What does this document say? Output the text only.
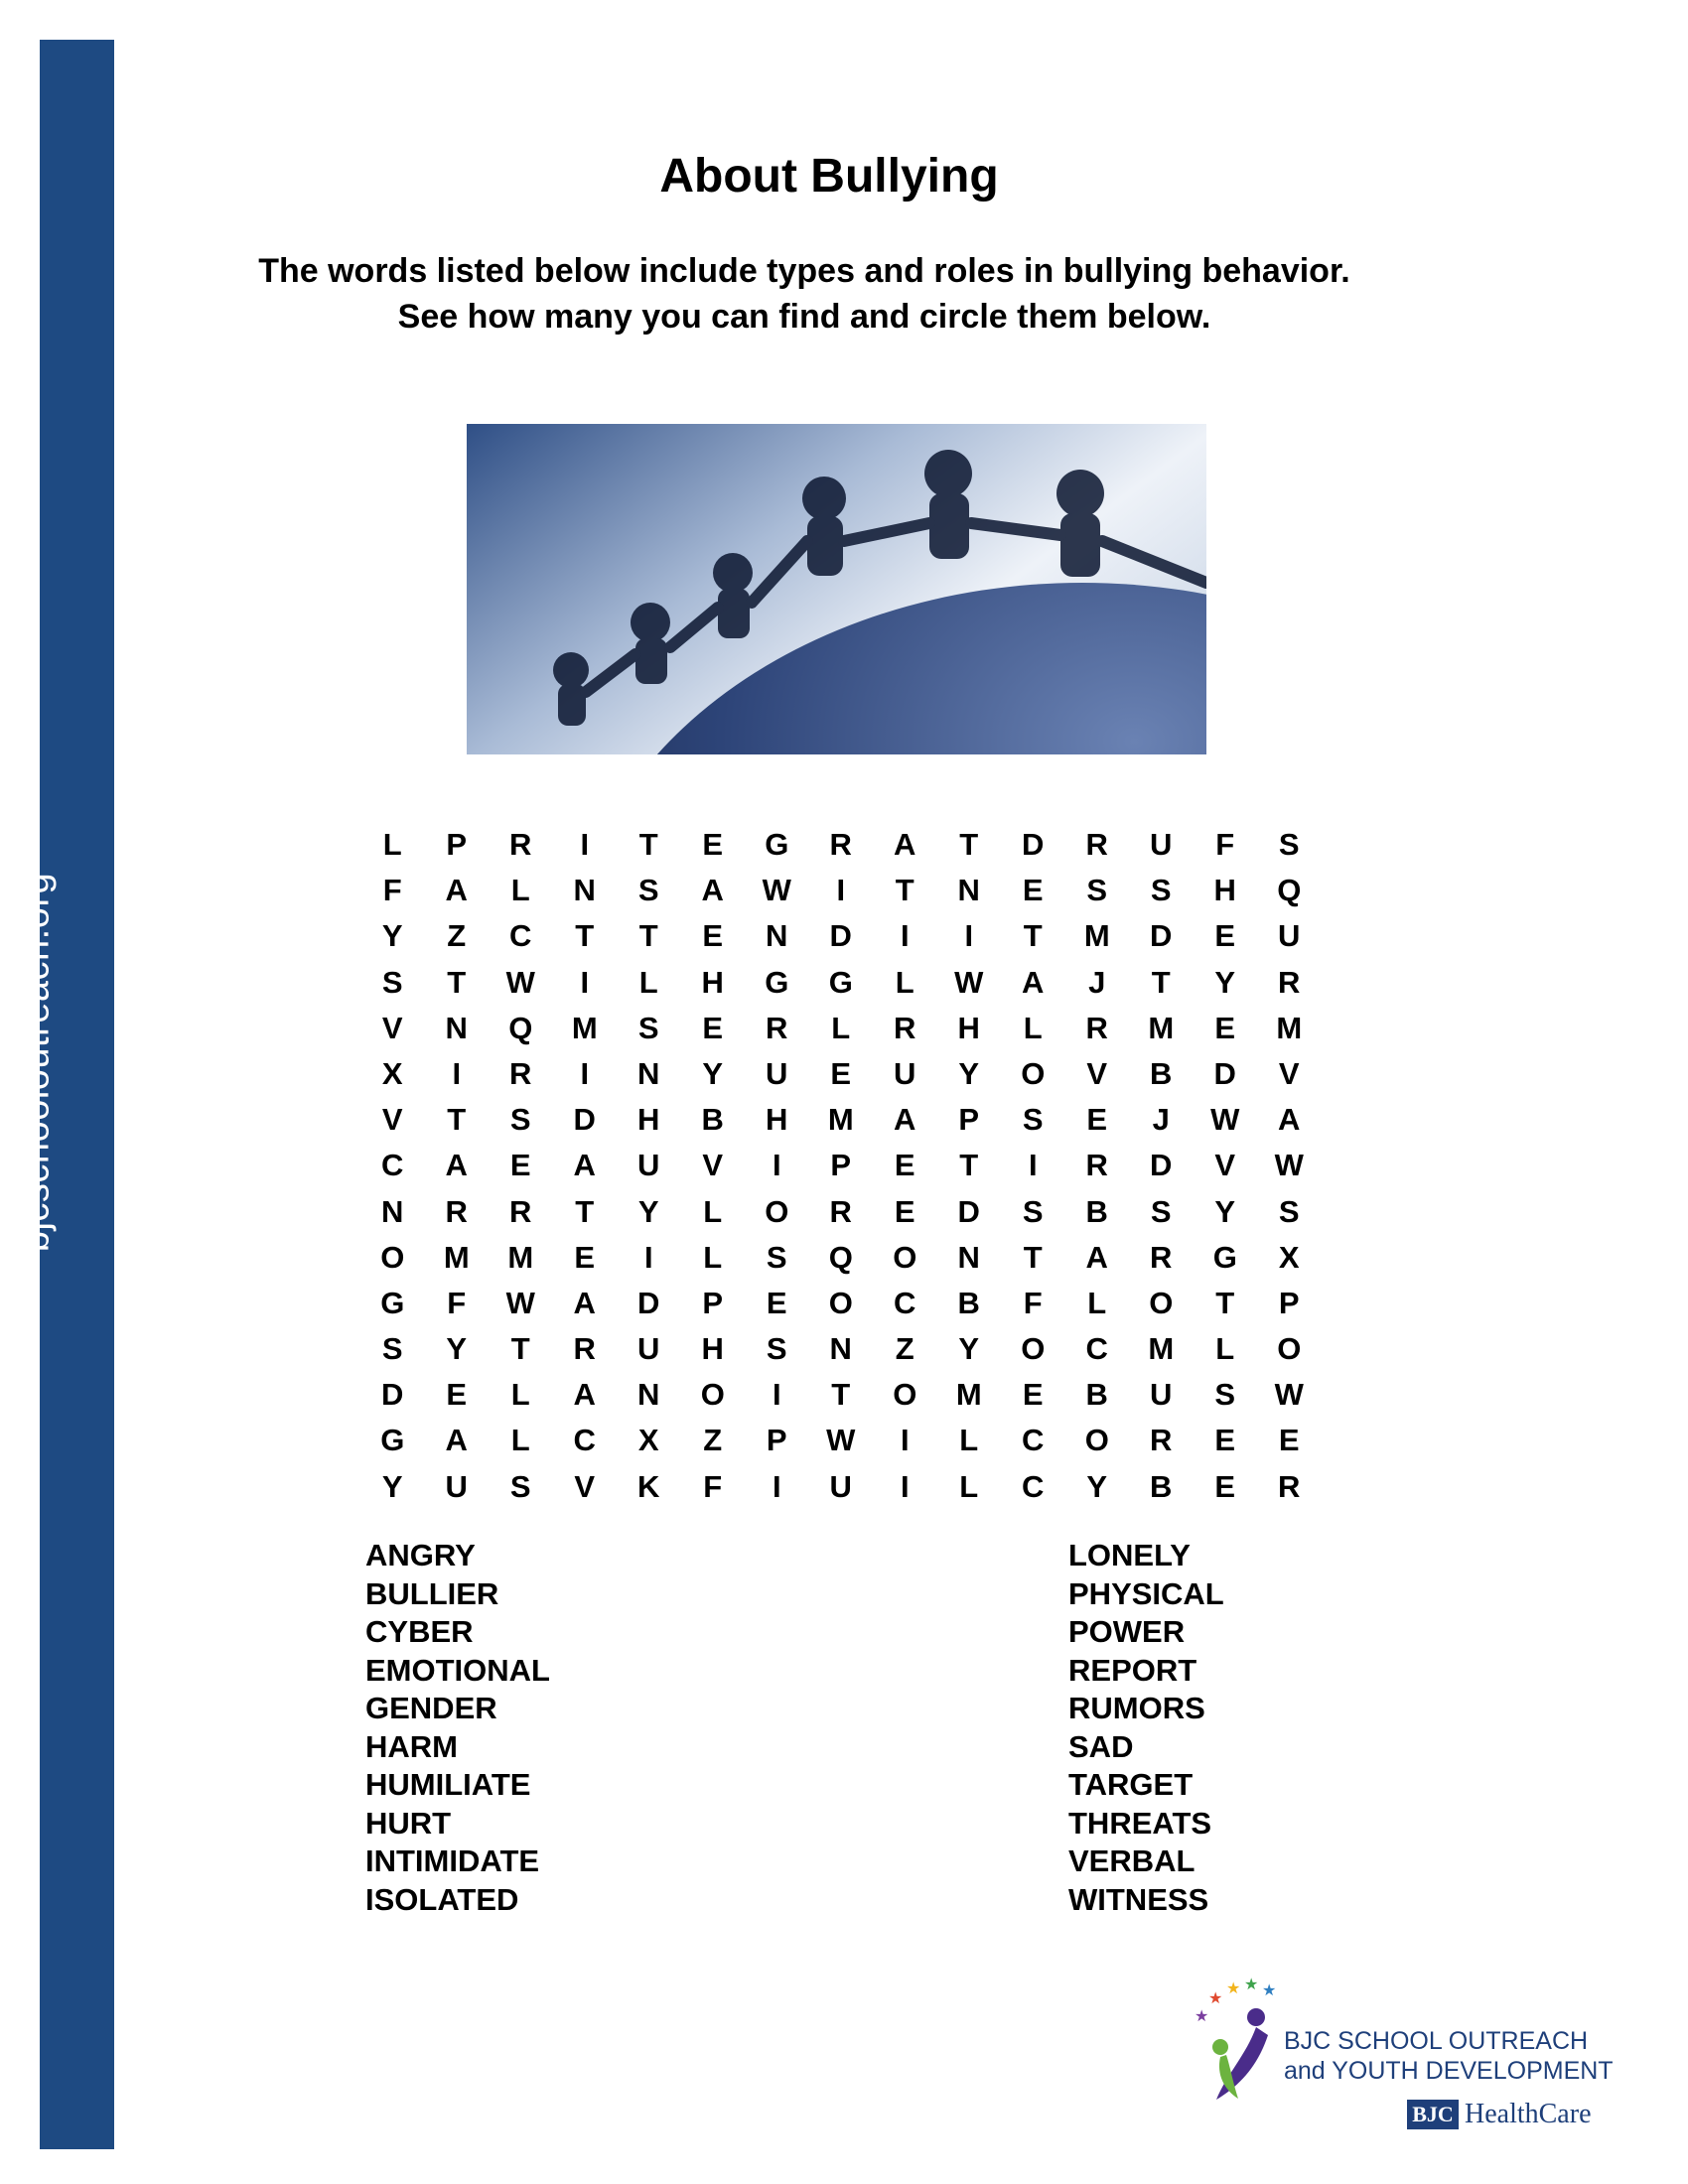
bjcschooloutreach.org
About Bullying
The words listed below include types and roles in bullying behavior.
See how many you can find and circle them below.
L	P	R	I	T	E	G	R	A	T	D	R	U	F	S
F	A	L	N	S	A	W	I	T	N	E	S	S	H	Q
Y	Z	C	T	T	E	N	D	I	I	T	M	D	E	U
S	T	W	I	L	H	G	G	L	W	A	J	T	Y	R
V	N	Q	M	S	E	R	L	R	H	L	R	M	E	M
X	I	R	I	N	Y	U	E	U	Y	O	V	B	D	V
V	T	S	D	H	B	H	M	A	P	S	E	J	W	A
C	A	E	A	U	V	I	P	E	T	I	R	D	V	W
N	R	R	T	Y	L	O	R	E	D	S	B	S	Y	S
O	M	M	E	I	L	S	Q	O	N	T	A	R	G	X
G	F	W	A	D	P	E	O	C	B	F	L	O	T	P
S	Y	T	R	U	H	S	N	Z	Y	O	C	M	L	O
D	E	L	A	N	O	I	T	O	M	E	B	U	S	W
G	A	L	C	X	Z	P	W	I	L	C	O	R	E	E
Y	U	S	V	K	F	I	U	I	L	C	Y	B	E	R
ANGRY
BULLIER
CYBER
EMOTIONAL
GENDER
HARM
HUMILIATE
HURT
INTIMIDATE
ISOLATED
LONELY
PHYSICAL
POWER
REPORT
RUMORS
SAD
TARGET
THREATS
VERBAL
WITNESS
★
★
★ ★ ★
BJC SCHOOL OUTREACH
and YOUTH DEVELOPMENT
BJC HealthCare
